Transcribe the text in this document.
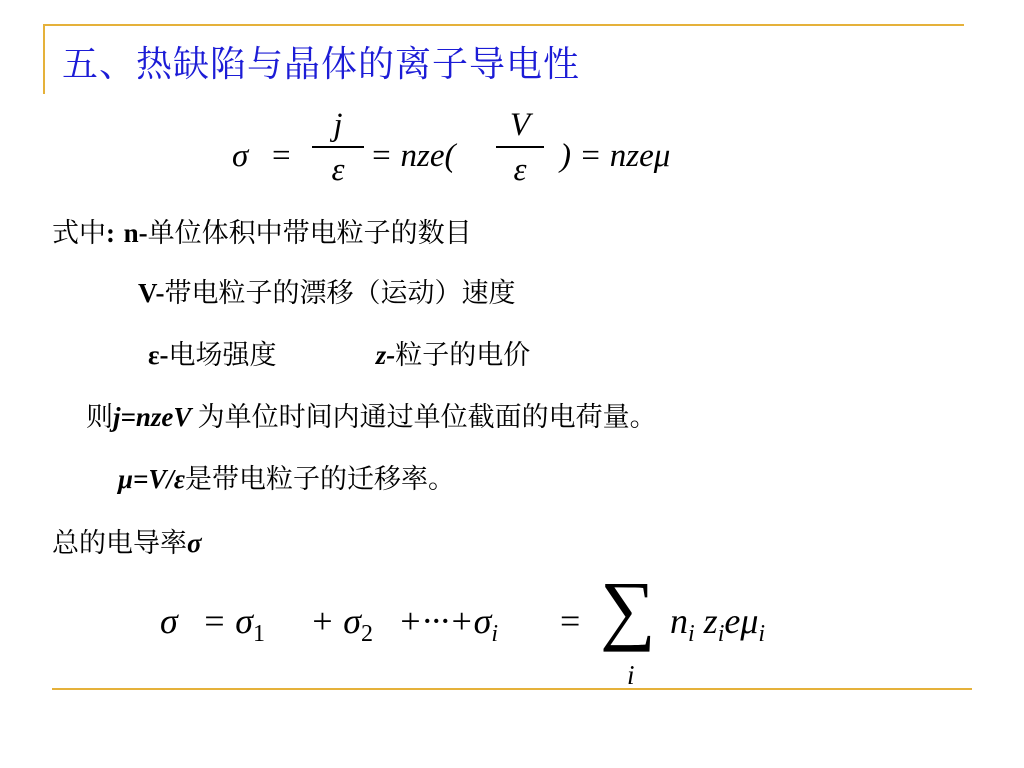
五、热缺陷与晶体的离子导电性
σ =
j
ε = nze(
V
ε	) = nzeμ
式中: n-单位体积中带电粒子的数目
V-带电粒子的漂移（运动）速度
ε-电场强度	z-粒子的电价
则j=nzeV 为单位时间内通过单位截面的电荷量。
μ=V/ε是带电粒子的迁移率。
总的电导率σ
$\sigma = \sigma_1 + \sigma_2 +\cdot\cdot\cdot+\sigma_i$ = ∑
i
$n_i$ $z_ie\mu_i$
